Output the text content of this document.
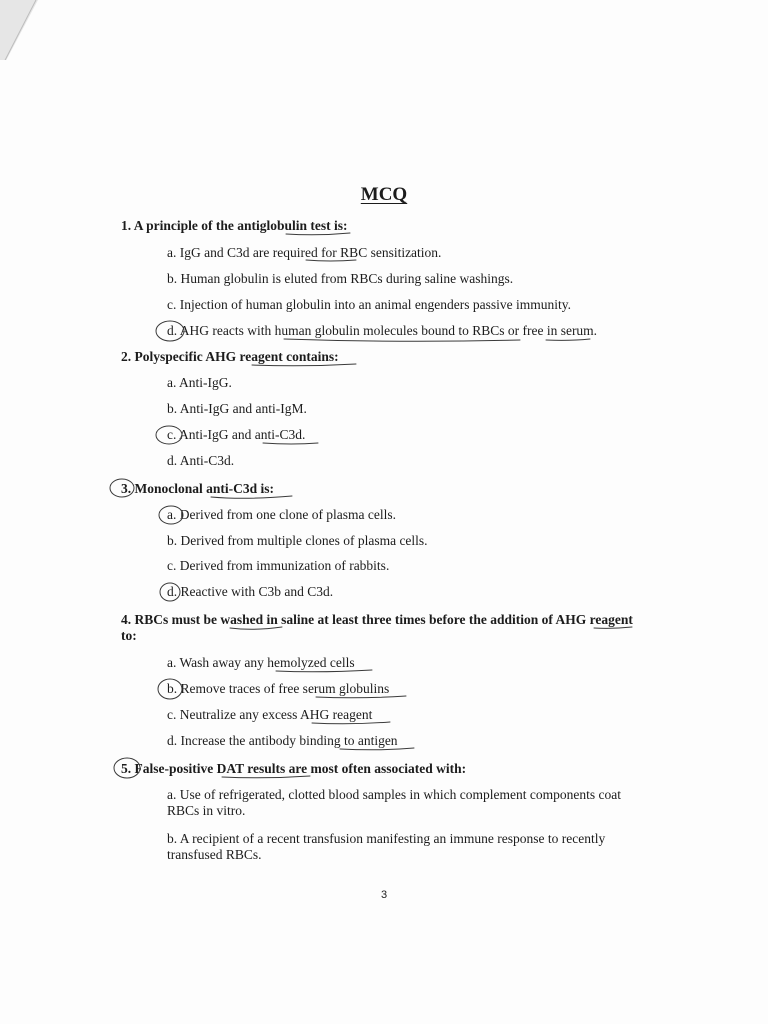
MCQ
1. A principle of the antiglobulin test is:
a. IgG and C3d are required for RBC sensitization.
b. Human globulin is eluted from RBCs during saline washings.
c. Injection of human globulin into an animal engenders passive immunity.
d. AHG reacts with human globulin molecules bound to RBCs or free in serum.
2. Polyspecific AHG reagent contains:
a. Anti-IgG.
b. Anti-IgG and anti-IgM.
c. Anti-IgG and anti-C3d.
d. Anti-C3d.
3. Monoclonal anti-C3d is:
a. Derived from one clone of plasma cells.
b. Derived from multiple clones of plasma cells.
c. Derived from immunization of rabbits.
d. Reactive with C3b and C3d.
4. RBCs must be washed in saline at least three times before the addition of AHG reagent to:
a. Wash away any hemolyzed cells
b. Remove traces of free serum globulins
c. Neutralize any excess AHG reagent
d. Increase the antibody binding to antigen
5. False-positive DAT results are most often associated with:
a. Use of refrigerated, clotted blood samples in which complement components coat RBCs in vitro.
b. A recipient of a recent transfusion manifesting an immune response to recently transfused RBCs.
3
